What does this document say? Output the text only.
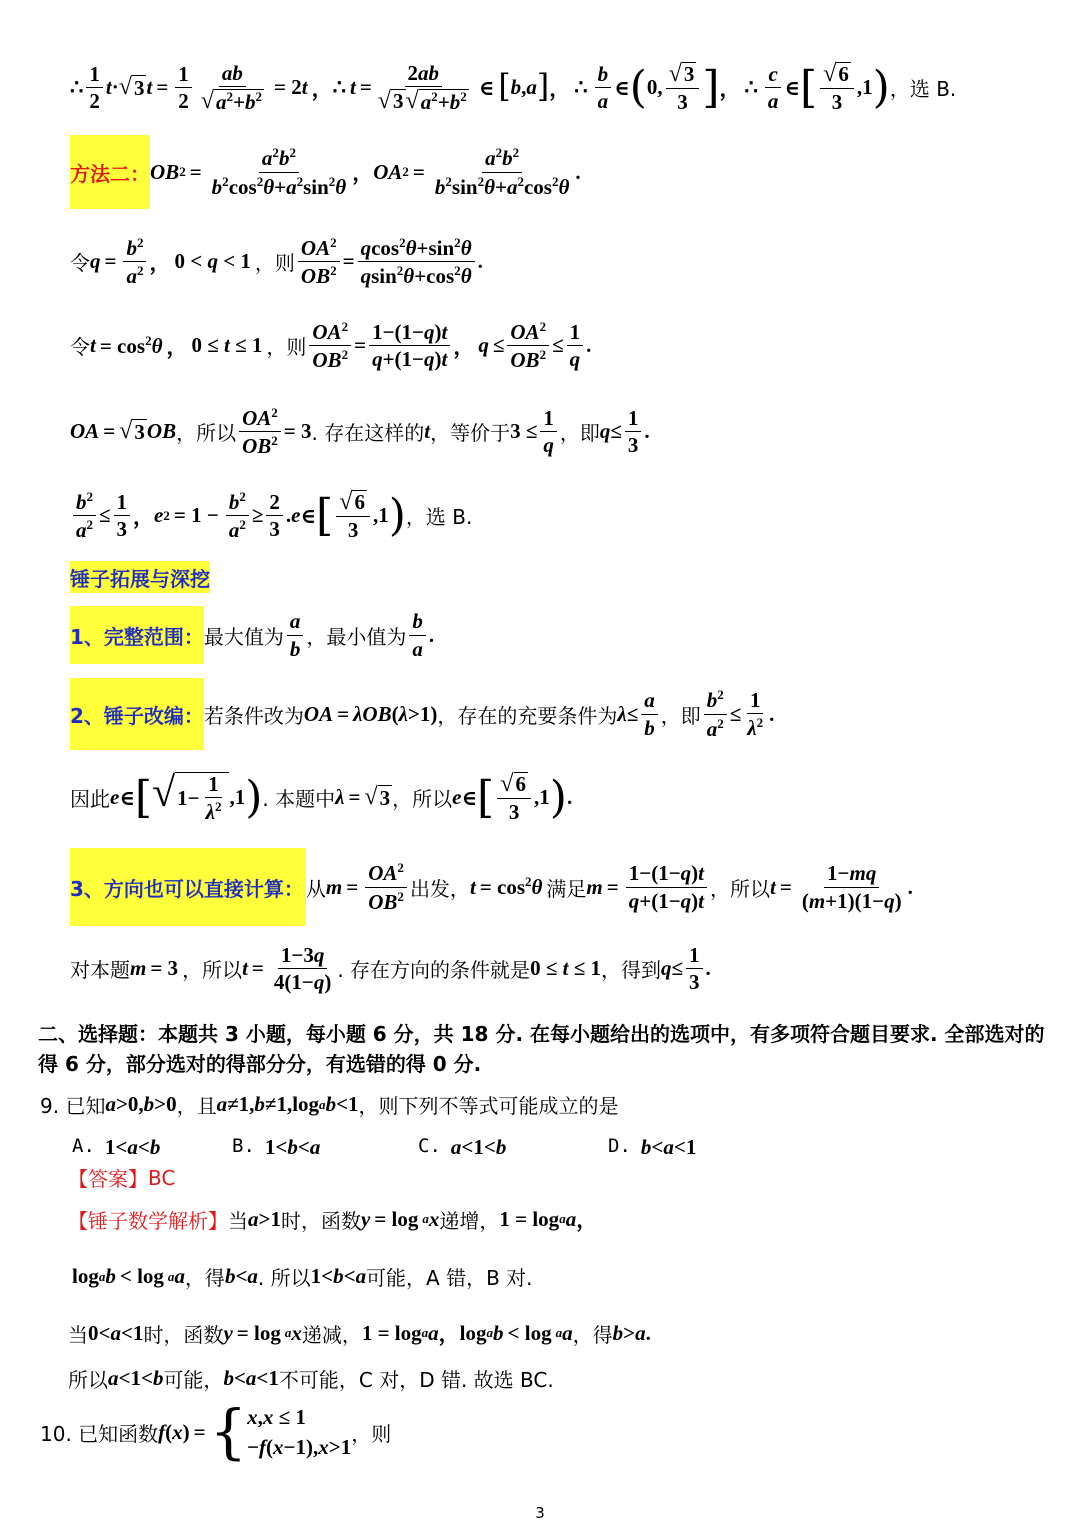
∴ $\frac{1}{2}$ t · √ 3 $t = \frac{1}{2} \frac{ab}{√ a^2+b^2} = 2t$ ， ∴ $t = \frac{2ab}{√ 3 √ a^2+b^2}$ ∈ [ b , a ] ， ∴ $\frac{b}{a}$ ∈ ( 0, $\frac{√ 3}{3}$ ] ， ∴ $\frac{c}{a}$ ∈ [ $\frac{√ 6}{3} ,1$ ) ，选 B.
方法二： OB $2 = \frac{a^2b^2}{b^2\cos^2\theta+a^2\sin^2\theta}$ ， OA $2 = \frac{a^2b^2}{b^2\sin^2\theta+a^2\cos^2\theta}$ .
令 $q = \frac{b^2}{a^2}$ ， 0 < q < 1 ，则 $\frac{OA^2}{OB^2} = \frac{qcos^2\theta+\sin^2\theta}{qsin^2\theta+\cos^2\theta}$ .
令 $t = \cos^2\theta$ ， 0 ≤ t ≤ 1 ，则 $\frac{OA^2}{OB^2} = \frac{1-(1-q)t}{q+(1-q)t}$ ， $q \le \frac{OA^2}{OB^2} \le \frac{1}{q}$ .
OA = √ 3 OB ，所以 $\frac{OA^2}{OB^2} = 3$ . 存在这样的 t ，等价于 $3 \le \frac{1}{q}$ ，即 $q \le \frac{1}{3}$ .
$\frac{b^2}{a^2} \le \frac{1}{3}$ ， e $2 = 1 - \frac{b^2}{a^2} \ge \frac{2}{3}$ . e ∈ [ $\frac{√ 6}{3} ,1$ ) ，选 B.
锤子拓展与深挖
1、完整范围： 最大值为 $\frac{a}{b}$ ，最小值为 $\frac{b}{a}$ .
2、锤子改编： 若条件改为 OA = λOB ( λ >1) ，存在的充要条件为 $\lambda \le \frac{a}{b}$ ，即 $\frac{b^2}{a^2} \le \frac{1}{\lambda^2}$ .
因此 e ∈ [ √ $1- \frac{1}{\lambda^2} ,1$ ) . 本题中 λ = √ 3 ，所以 e ∈ [ $\frac{√ 6}{3} ,1$ ) .
3、方向也可以直接计算： 从 $m = \frac{OA^2}{OB^2}$ 出发， $t = \cos^2\theta$ 满足 $m = \frac{1-(1-q)t}{q+(1-q)t}$ ，所以 $t = \frac{1-mq}{(m+1)(1-q)}$ .
对本题 m = 3 ，所以 $t = \frac{1-3q}{4(1-q)}$ . 存在方向的条件就是 0 ≤ t ≤ 1 ，得到 $q \le \frac{1}{3}$ .
二、选择题：本题共 3 小题，每小题 6 分，共 18 分. 在每小题给出的选项中，有多项符合题目要求. 全部选对的得 6 分，部分选对的得部分分，有选错的得 0 分.
9. 已知 a >0, b >0 ，且 a ≠1, b ≠1,log a b <1 ，则下列不等式可能成立的是
A. 1<a<b	B. 1<b<a	C. a<1<b	D. b<a<1
【答案】 BC
【锤子数学解析】 当 a >1 时，函数 y = log a x 递增， 1 = log a a ，
log a b < log a a ，得 b < a . 所以 1<b<a 可能，A 错，B 对.
当 0<a<1 时，函数 y = log a x 递减， 1 = log a a ， log a b < log a a ，得 b > a .
所以 a<1<b 可能， b<a<1 不可能，C 对，D 错. 故选 BC.
10. 已知函数 f (x) = { x,x ≤ 1
−f(x−1),x>1
，则
3
